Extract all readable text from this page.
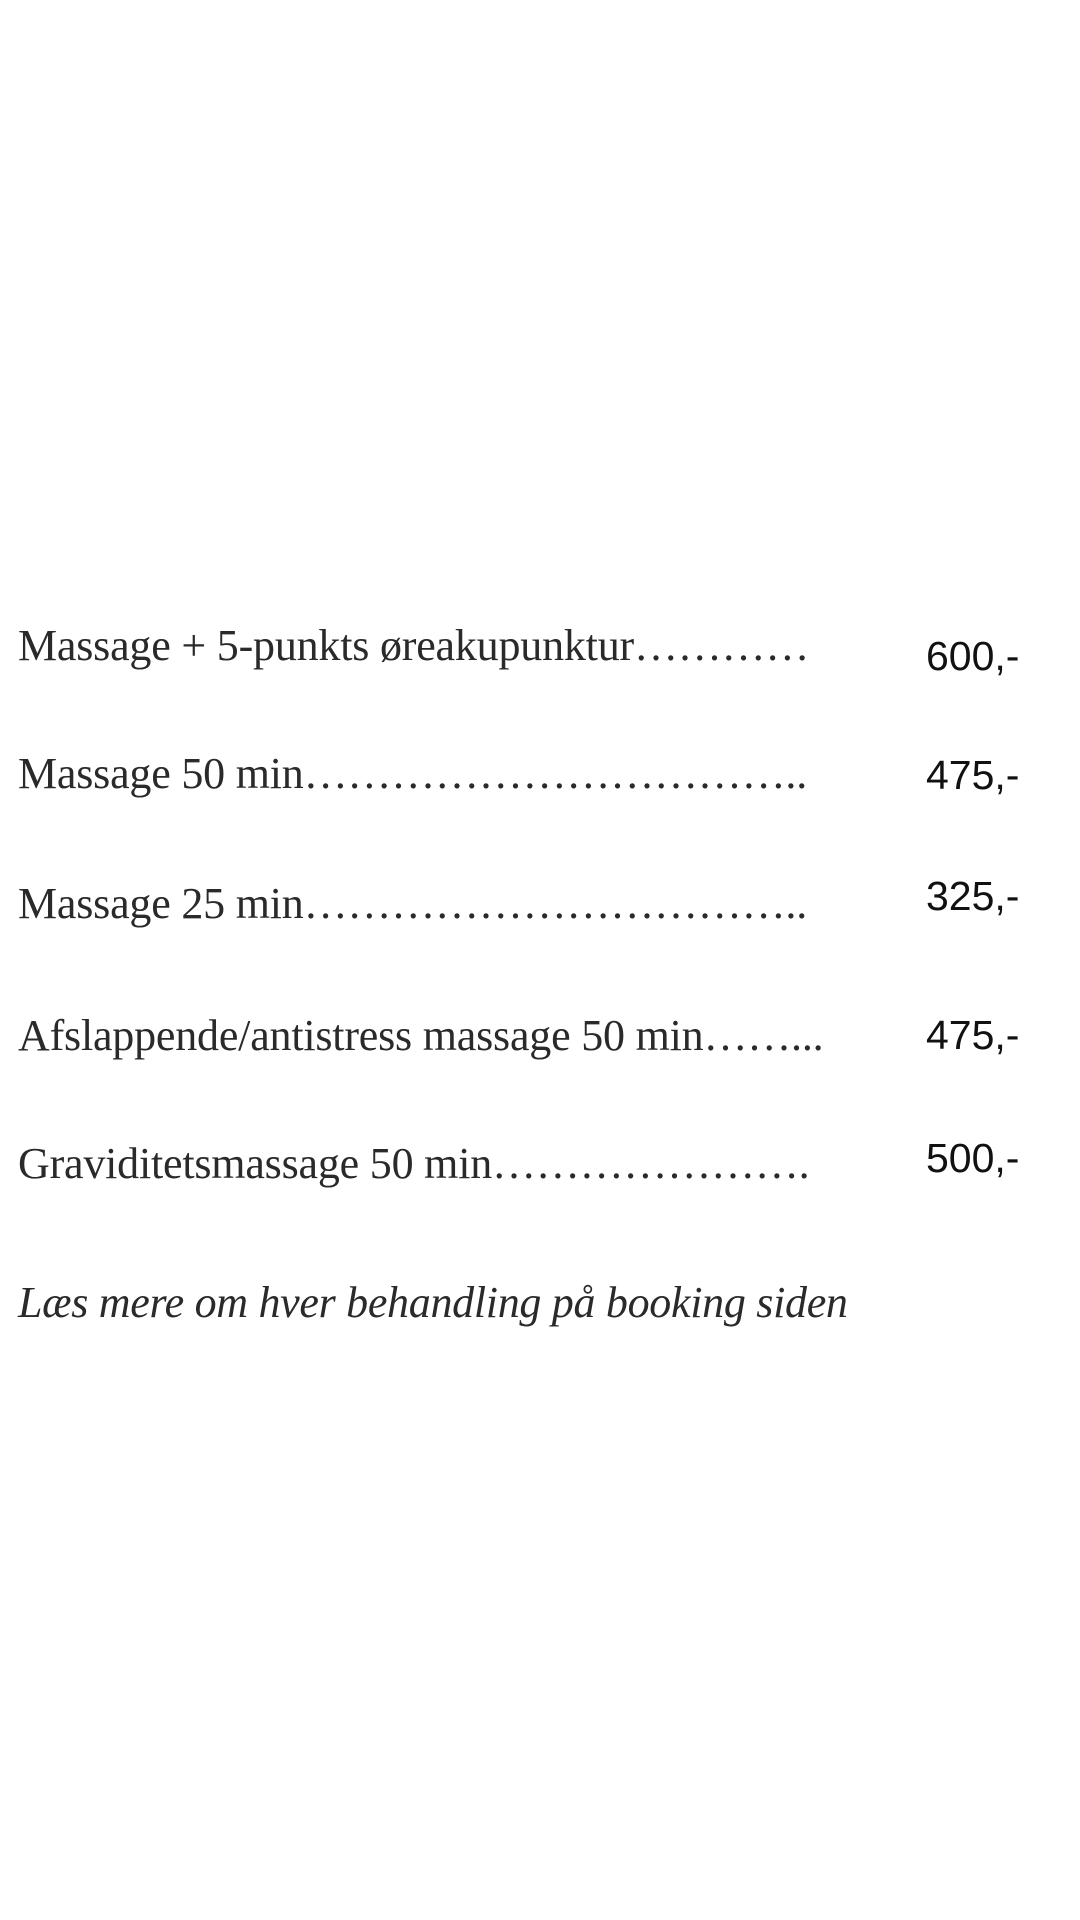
Massage + 5-punkts øreakupunktur…………	600,-
Massage 50 min……………………………..	475,-
Massage 25 min……………………………..	325,-
Afslappende/antistress massage 50 min……...	475,-
Graviditetsmassage 50 min………………….	500,-
Læs mere om hver behandling på booking siden
